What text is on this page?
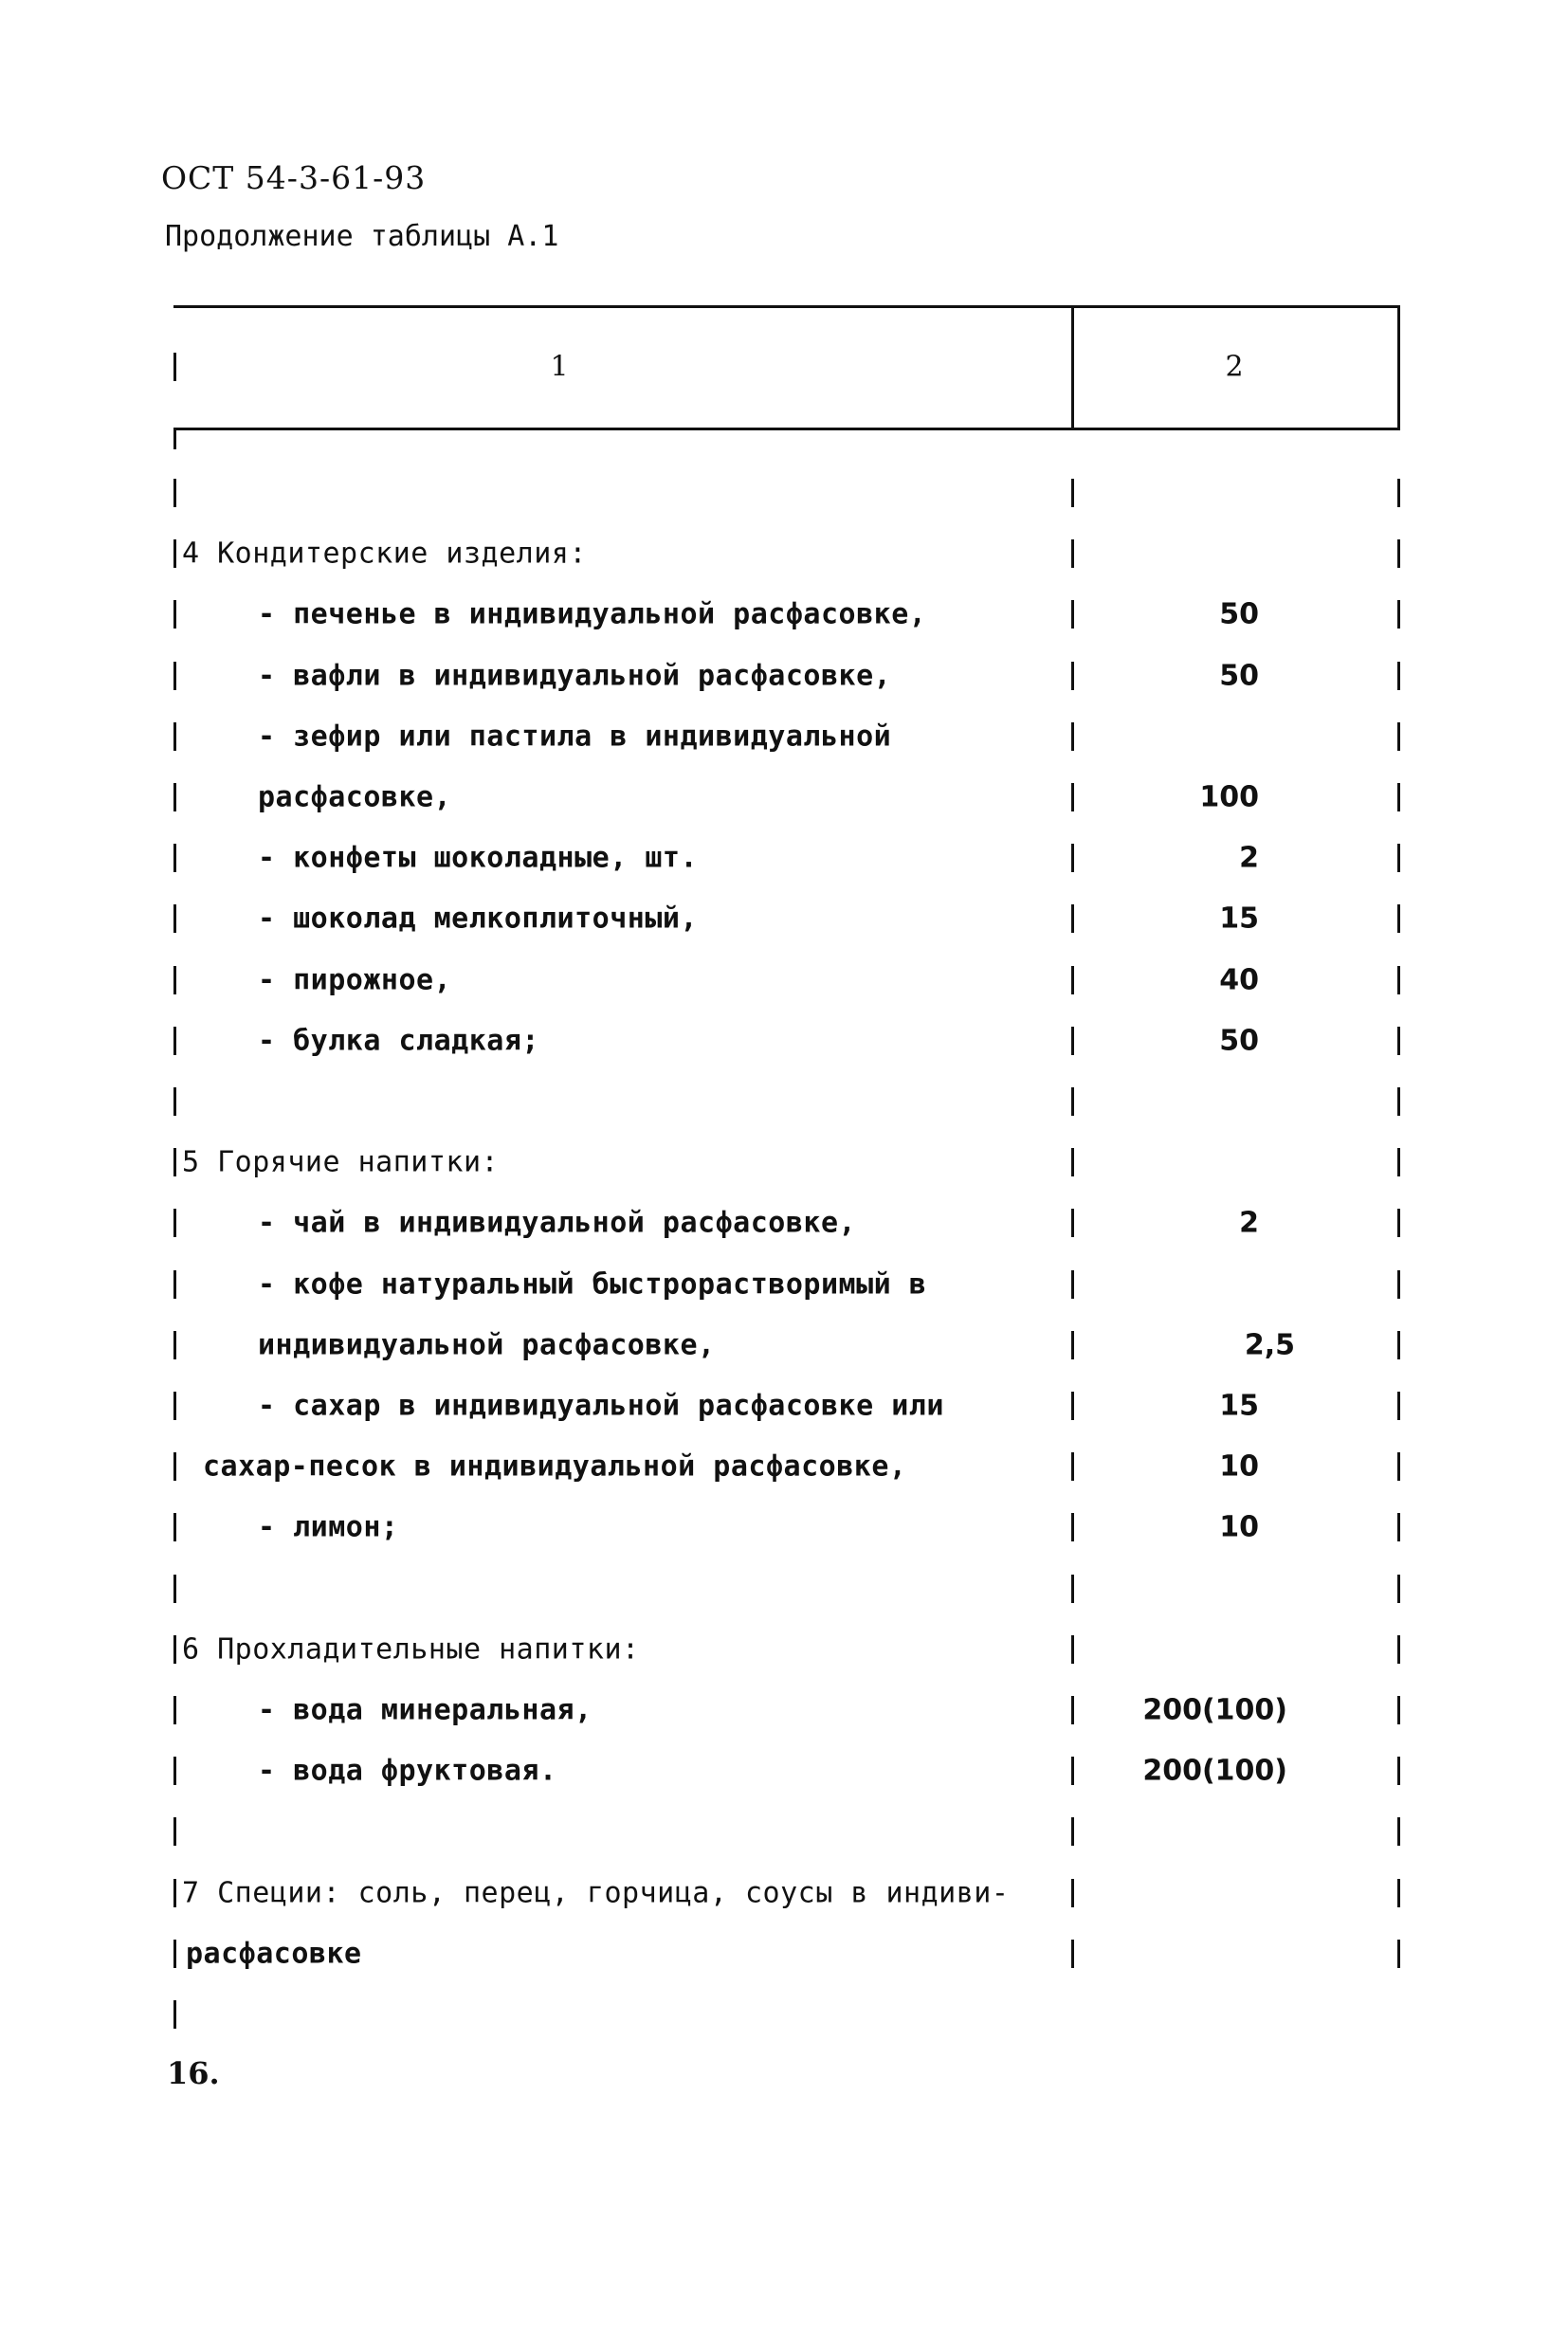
ОСТ 54-3-61-93
Продолжение таблицы А.1
1	2
4 Кондитерские изделия:
- печенье в индивидуальной расфасовке,	50
- вафли в индивидуальной расфасовке,	50
- зефир или пастила в индивидуальной
расфасовке,	100
- конфеты шоколадные, шт.	2
- шоколад мелкоплиточный,	15
- пирожное,	40
- булка сладкая;	50
5 Горячие напитки:
- чай в индивидуальной расфасовке,	2
- кофе натуральный быстрорастворимый в
индивидуальной расфасовке,	2,5
- сахар в индивидуальной расфасовке или	15
сахар-песок в индивидуальной расфасовке,	10
- лимон;	10
6 Прохладительные напитки:
- вода минеральная,	200(100)
- вода фруктовая.	200(100)
7 Специи: соль, перец, горчица, соусы в индиви-
расфасовке
16.
